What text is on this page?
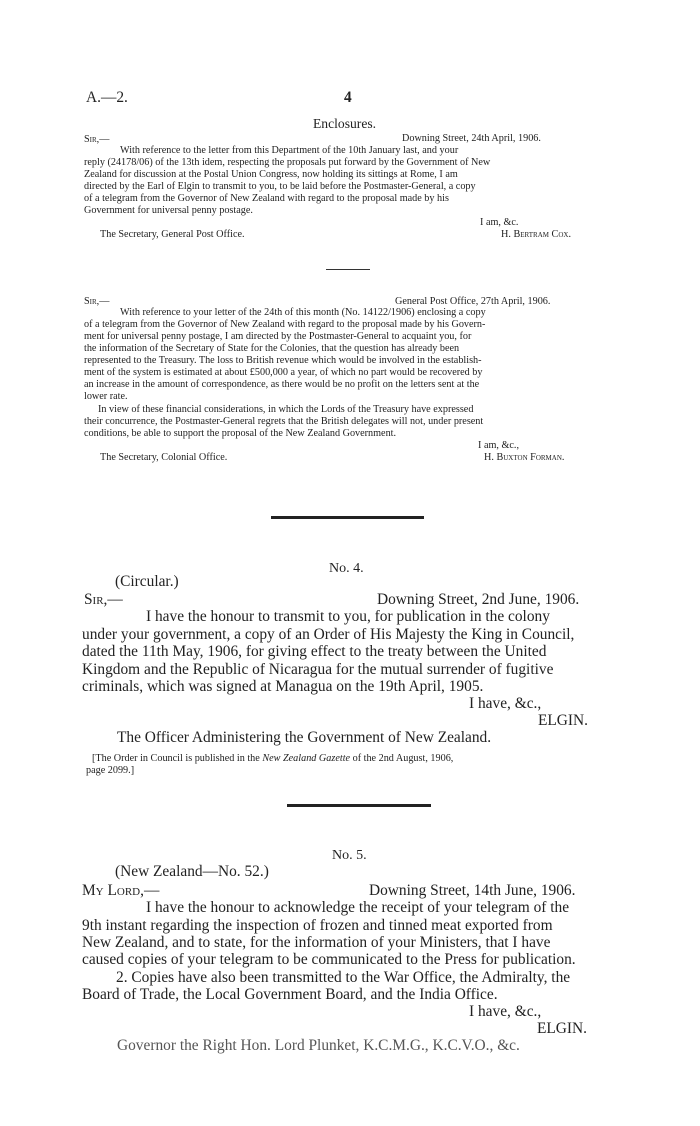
A.—2.	4
Enclosures.
Sir,—	Downing Street, 24th April, 1906.
With reference to the letter from this Department of the 10th January last, and your
reply (24178/06) of the 13th idem, respecting the proposals put forward by the Government of New
Zealand for discussion at the Postal Union Congress, now holding its sittings at Rome, I am
directed by the Earl of Elgin to transmit to you, to be laid before the Postmaster-General, a copy
of a telegram from the Governor of New Zealand with regard to the proposal made by his
Government for universal penny postage.
I am, &c.
The Secretary, General Post Office.	H. Bertram Cox.
Sir,—	General Post Office, 27th April, 1906.
With reference to your letter of the 24th of this month (No. 14122/1906) enclosing a copy
of a telegram from the Governor of New Zealand with regard to the proposal made by his Govern-
ment for universal penny postage, I am directed by the Postmaster-General to acquaint you, for
the information of the Secretary of State for the Colonies, that the question has already been
represented to the Treasury. The loss to British revenue which would be involved in the establish-
ment of the system is estimated at about £500,000 a year, of which no part would be recovered by
an increase in the amount of correspondence, as there would be no profit on the letters sent at the
lower rate.
In view of these financial considerations, in which the Lords of the Treasury have expressed
their concurrence, the Postmaster-General regrets that the British delegates will not, under present
conditions, be able to support the proposal of the New Zealand Government.
I am, &c.,
The Secretary, Colonial Office.	H. Buxton Forman.
No. 4.
(Circular.)
Sir,—	Downing Street, 2nd June, 1906.
I have the honour to transmit to you, for publication in the colony
under your government, a copy of an Order of His Majesty the King in Council,
dated the 11th May, 1906, for giving effect to the treaty between the United
Kingdom and the Republic of Nicaragua for the mutual surrender of fugitive
criminals, which was signed at Managua on the 19th April, 1905.
I have, &c.,
ELGIN.
The Officer Administering the Government of New Zealand.
[The Order in Council is published in the New Zealand Gazette of the 2nd August, 1906,
page 2099.]
No. 5.
(New Zealand—No. 52.)
My Lord,—	Downing Street, 14th June, 1906.
I have the honour to acknowledge the receipt of your telegram of the
9th instant regarding the inspection of frozen and tinned meat exported from
New Zealand, and to state, for the information of your Ministers, that I have
caused copies of your telegram to be communicated to the Press for publication.
2. Copies have also been transmitted to the War Office, the Admiralty, the
Board of Trade, the Local Government Board, and the India Office.
I have, &c.,
ELGIN.
Governor the Right Hon. Lord Plunket, K.C.M.G., K.C.V.O., &c.
